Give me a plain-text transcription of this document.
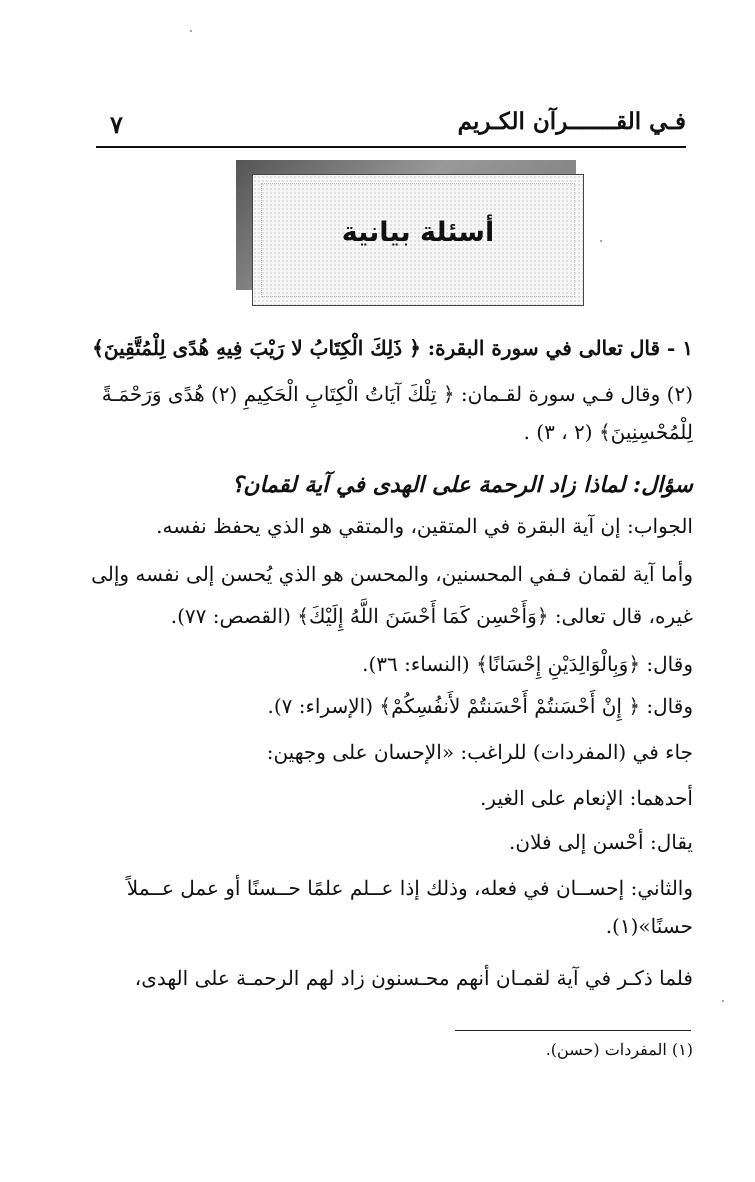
فـي القـــــــرآن الكـريم
٧
أسئلة بيانية
١ - قال تعالى في سورة البقرة: ﴿ ذَلِكَ الْكِتَابُ لا رَيْبَ فِيهِ هُدًى لِلْمُتَّقِينَ﴾
(٢) وقال فـي سورة لقـمان: ﴿ تِلْكَ آيَاتُ الْكِتَابِ الْحَكِيمِ (٢) هُدًى وَرَحْمَـةً
لِلْمُحْسِنِينَ﴾ (٢ ، ٣) .
سؤال: لماذا زاد الرحمة على الهدى في آية لقمان؟
الجواب: إن آية البقرة في المتقين، والمتقي هو الذي يحفظ نفسه.
وأما آية لقمان فـفي المحسنين، والمحسن هو الذي يُحسن إلى نفسه وإلى
غيره، قال تعالى: ﴿وَأَحْسِن كَمَا أَحْسَنَ اللَّهُ إِلَيْكَ﴾ (القصص: ٧٧).
وقال: ﴿وَبِالْوَالِدَيْنِ إِحْسَانًا﴾ (النساء: ٣٦).
وقال: ﴿ إِنْ أَحْسَنتُمْ أَحْسَنتُمْ لأَنفُسِكُمْ﴾ (الإسراء: ٧).
جاء في (المفردات) للراغب: «الإحسان على وجهين:
أحدهما: الإنعام على الغير.
يقال: أحْسن إلى فلان.
والثاني: إحســان في فعله، وذلك إذا عــلم علمًا حــسنًا أو عمل عــملاً
حسنًا»(١).
فلما ذكـر في آية لقمـان أنهم محـسنون زاد لهم الرحمـة على الهدى،
(١) المفردات (حسن).
